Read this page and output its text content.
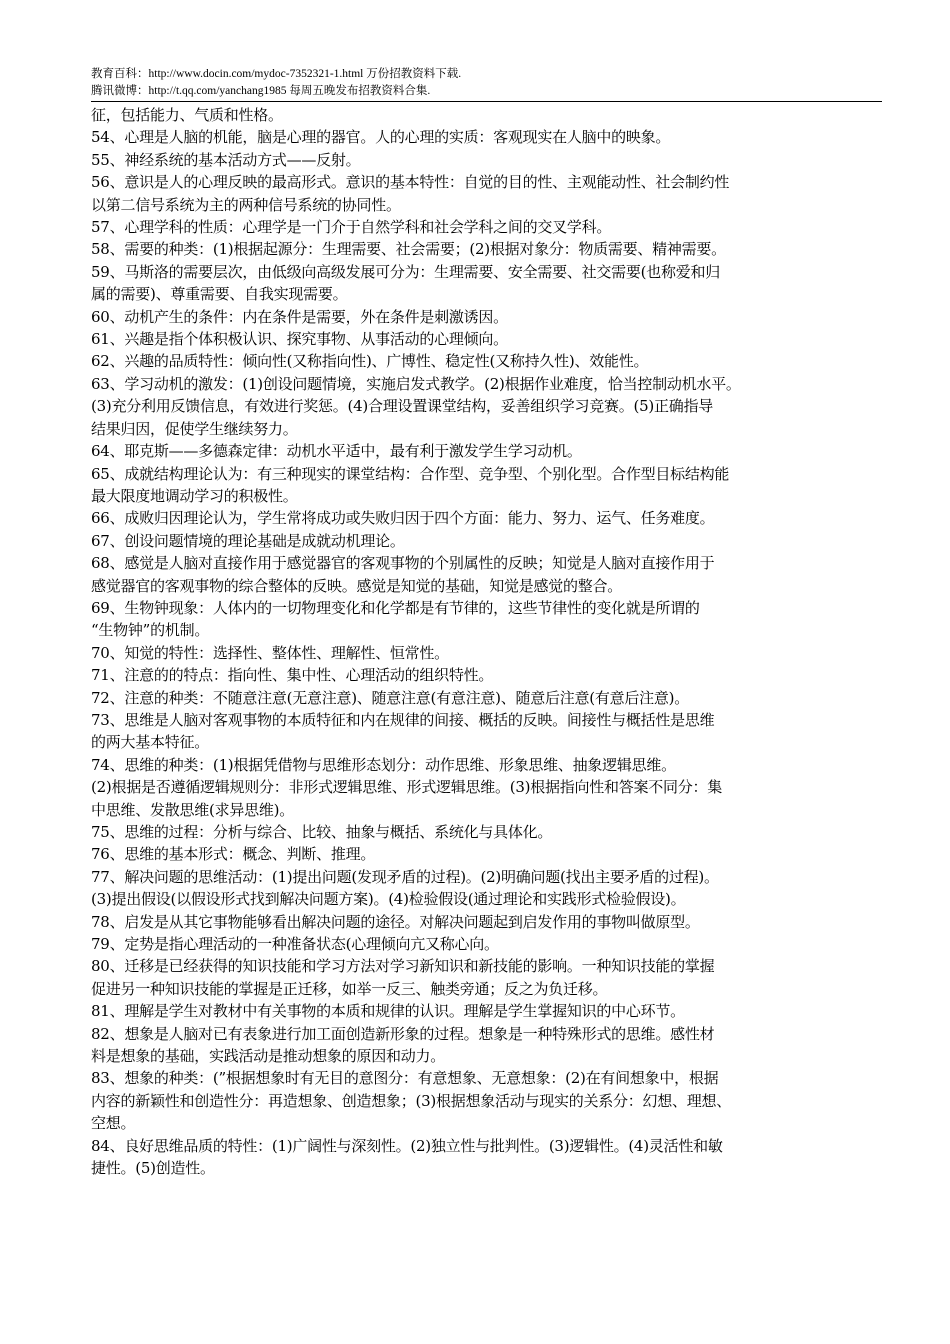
教育百科：http://www.docin.com/mydoc-7352321-1.html 万份招教资料下载.
腾讯微博：http://t.qq.com/yanchang1985 每周五晚发布招教资料合集.

征，包括能力、气质和性格。

54、心理是人脑的机能，脑是心理的器官。人的心理的实质：客观现实在人脑中的映象。

55、神经系统的基本活动方式——反射。

56、意识是人的心理反映的最高形式。意识的基本特性：自觉的目的性、主观能动性、社会制约性

以第二信号系统为主的两种信号系统的协同性。

57、心理学科的性质：心理学是一门介于自然学科和社会学科之间的交叉学科。

58、需要的种类：(1)根据起源分：生理需要、社会需要；(2)根据对象分：物质需要、精神需要。

59、马斯洛的需要层次，由低级向高级发展可分为：生理需要、安全需要、社交需要(也称爱和归

属的需要)、尊重需要、自我实现需要。

60、动机产生的条件：内在条件是需要，外在条件是刺激诱因。

61、兴趣是指个体积极认识、探究事物、从事活动的心理倾向。

62、兴趣的品质特性：倾向性(又称指向性)、广博性、稳定性(又称持久性)、效能性。

63、学习动机的激发：(1)创设问题情境，实施启发式教学。(2)根据作业难度，恰当控制动机水平。

(3)充分利用反馈信息，有效进行奖惩。(4)合理设置课堂结构，妥善组织学习竞赛。(5)正确指导

结果归因，促使学生继续努力。

64、耶克斯——多德森定律：动机水平适中，最有利于激发学生学习动机。

65、成就结构理论认为：有三种现实的课堂结构：合作型、竞争型、个别化型。合作型目标结构能

最大限度地调动学习的积极性。

66、成败归因理论认为，学生常将成功或失败归因于四个方面：能力、努力、运气、任务难度。

67、创设问题情境的理论基础是成就动机理论。

68、感觉是人脑对直接作用于感觉器官的客观事物的个别属性的反映；知觉是人脑对直接作用于

感觉器官的客观事物的综合整体的反映。感觉是知觉的基础，知觉是感觉的整合。

69、生物钟现象：人体内的一切物理变化和化学都是有节律的，这些节律性的变化就是所谓的

“生物钟”的机制。

70、知觉的特性：选择性、整体性、理解性、恒常性。

71、注意的的特点：指向性、集中性、心理活动的组织特性。

72、注意的种类：不随意注意(无意注意)、随意注意(有意注意)、随意后注意(有意后注意)。

73、思维是人脑对客观事物的本质特征和内在规律的间接、概括的反映。间接性与概括性是思维

的两大基本特征。

74、思维的种类：(1)根据凭借物与思维形态划分：动作思维、形象思维、抽象逻辑思维。

(2)根据是否遵循逻辑规则分：非形式逻辑思维、形式逻辑思维。(3)根据指向性和答案不同分：集

中思维、发散思维(求异思维)。

75、思维的过程：分析与综合、比较、抽象与概括、系统化与具体化。

76、思维的基本形式：概念、判断、推理。

77、解决问题的思维活动：(1)提出问题(发现矛盾的过程)。(2)明确问题(找出主要矛盾的过程)。

(3)提出假设(以假设形式找到解决问题方案)。(4)检验假设(通过理论和实践形式检验假设)。

78、启发是从其它事物能够看出解决问题的途径。对解决问题起到启发作用的事物叫做原型。

79、定势是指心理活动的一种准备状态(心理倾向亢又称心向。

80、迁移是已经获得的知识技能和学习方法对学习新知识和新技能的影响。一种知识技能的掌握

促进另一种知识技能的掌握是正迁移，如举一反三、触类旁通；反之为负迁移。

81、理解是学生对教材中有关事物的本质和规律的认识。理解是学生掌握知识的中心环节。

82、想象是人脑对已有表象进行加工面创造新形象的过程。想象是一种特殊形式的思维。感性材

料是想象的基础，实践活动是推动想象的原因和动力。

83、想象的种类：(”根据想象时有无目的意图分：有意想象、无意想象：(2)在有间想象中，根据

内容的新颖性和创造性分：再造想象、创造想象；(3)根据想象活动与现实的关系分：幻想、理想、

空想。

84、良好思维品质的特性：(1)广阔性与深刻性。(2)独立性与批判性。(3)逻辑性。(4)灵活性和敏

捷性。(5)创造性。
